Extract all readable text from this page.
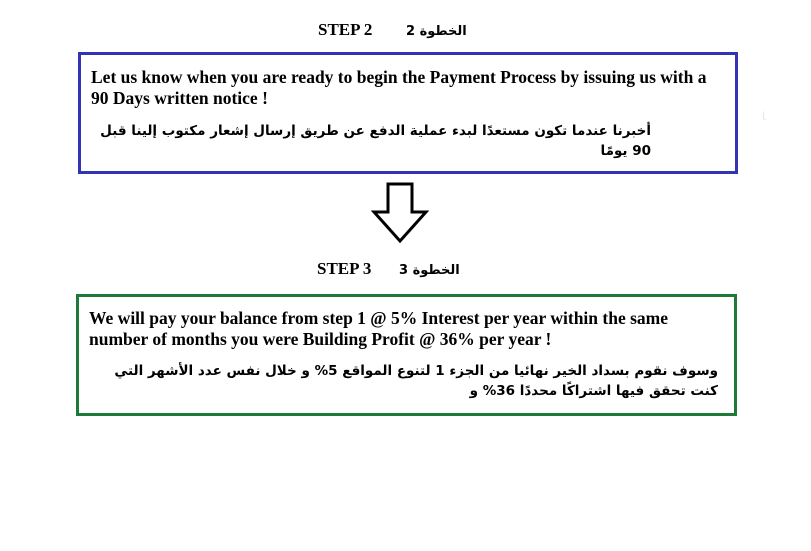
STEP 2	الخطوة 2
Let us know when you are ready to begin the Payment Process by issuing us with a 90 Days written notice !
أخبرنا عندما تكون مستعدًا لبدء عملية الدفع عن طريق إرسال إشعار مكتوب إلينا قبل 90 يومًا
ﺎ
STEP 3 الخطوة 3
We will pay your balance from step 1 @ 5% Interest per year within the same number of months you were Building Profit @ 36% per year !
وسوف نقوم بسداد الخير نهائيا من الجزء 1 لتنوع المواقع 5% و خلال نفس عدد الأشهر التي كنت تحقق فيها اشتراكًا محددًا 36% و
